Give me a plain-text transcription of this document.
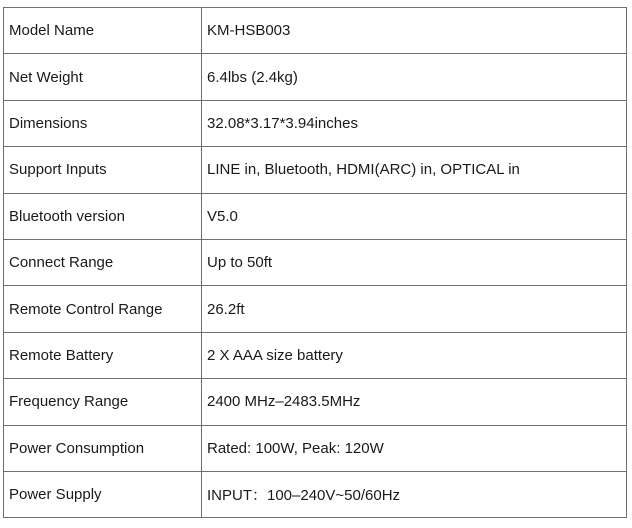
Model Name	KM-HSB003
Net Weight	6.4lbs (2.4kg)
Dimensions	32.08*3.17*3.94inches
Support Inputs	LINE in, Bluetooth, HDMI(ARC) in, OPTICAL in
Bluetooth version	V5.0
Connect Range	Up to 50ft
Remote Control Range	26.2ft
Remote Battery	2 X AAA size battery
Frequency Range	2400 MHz–2483.5MHz
Power Consumption	Rated: 100W, Peak: 120W
Power Supply	INPUT：100–240V~50/60Hz
